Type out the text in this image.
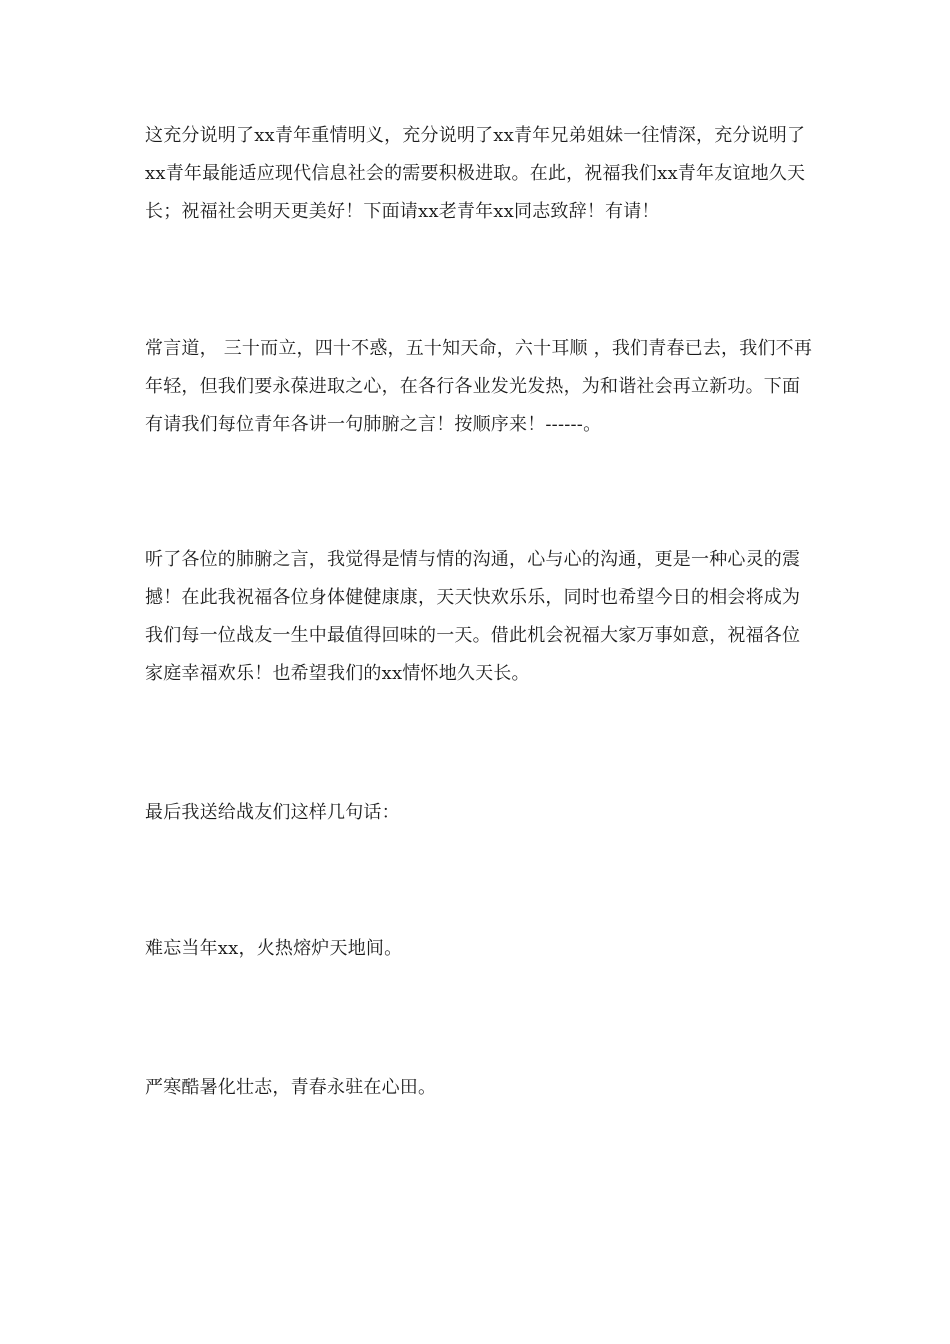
这充分说明了xx青年重情明义，充分说明了xx青年兄弟姐妹一往情深，充分说明了xx青年最能适应现代信息社会的需要积极进取。在此，祝福我们xx青年友谊地久天长；祝福社会明天更美好！下面请xx老青年xx同志致辞！有请！

常言道， 三十而立，四十不惑，五十知天命，六十耳顺 ，我们青春已去，我们不再年轻，但我们要永葆进取之心，在各行各业发光发热，为和谐社会再立新功。下面有请我们每位青年各讲一句肺腑之言！按顺序来！------。

听了各位的肺腑之言，我觉得是情与情的沟通，心与心的沟通，更是一种心灵的震撼！在此我祝福各位身体健健康康，天天快欢乐乐，同时也希望今日的相会将成为我们每一位战友一生中最值得回味的一天。借此机会祝福大家万事如意，祝福各位家庭幸福欢乐！也希望我们的xx情怀地久天长。

最后我送给战友们这样几句话：

难忘当年xx，火热熔炉天地间。

严寒酷暑化壮志，青春永驻在心田。
